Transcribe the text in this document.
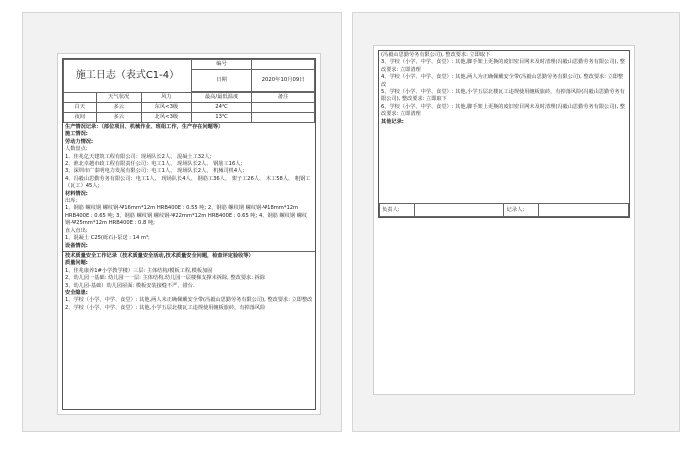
施工日志（表式C1-4）			编号	
			日期	2020年10月09日

	天气状况	风力	最高/最低温度	备注
白天	多云	东风<3级	24℃	
夜间	多云	北风<3级	13℃	
生产情况记录：（部位项目、机械作业、班组工作，生产存在问题等）
施工情况:
劳动力情况:
人数盘点:
1、佳兆亿天建筑工程有限公司：现场队长2人、 混凝土工32人;
2、淮北卓越市政工程有限责任公司：电工1人、 现场队长2人、 钢筋工16人;
3、深圳市广泰明电力发展有限公司：电工1人、 现场队长2人、 机械司机4人;
4、冯毅山思勤劳务有限公司：电工1人、 现场队长4人、 钢筋工36人、 架子工26人、 木工58人、 粗钢工（瓦工）45人;
材料情况:
出库:
1、钢筋 螺纹钢 螺纹钢-Ψ16mm*12m HRB400E : 0.55 吨; 2、钢筋 螺纹钢 螺纹钢-Ψ18mm*12m HRB400E : 0.65 吨; 3、钢筋 螺纹钢 螺纹钢-Ψ22mm*12m HRB400E : 0.65 吨; 4、钢筋 螺纹钢 螺纹钢-Ψ25mm*12m HRB400E : 0.8 吨;
直入直出:
1、混凝土 C25(砾石)-泵送 : 14 m³;
设备情况:
技术质量安全工作记录（技术质量安全活动,技术质量安全问题，检查评定验收等）
质量问题:
1、佳兆康养1#小学教学楼）三层: 主体结构/模板工程,模板加固
2、幼儿园一基础: 幼儿园一一层: 主体结构,幼儿园一层楼梯支撑未拆除, 整改要求: 拆除
3、幼儿园-基础）幼儿园屋面: 模板安装接缝不严、错台.
安全隐患:
1、学校（小学、中学、食堂）: 其他,两人未正确佩戴安全带(冯毅山思勤劳务有限公司), 整改要求: 立即整改
2、学校（小学、中学、食堂）: 其他,小学五层北楼瓦工违规使用缠板旅砖，有掉落风险
(冯毅山思勤劳务有限公司), 整改要求: 立即取下
3、学校（小学、中学、食堂）: 其他,脚手架上更换的废旧密目网未及时清理(冯毅山思勤劳务有限公司), 整改要求: 立即清理
4、学校（小学、中学、食堂）: 其他,两人为正确佩戴安全带(冯毅山思勤劳务有限公司), 整改要求: 立即整改
5、学校（小学、中学、食堂）: 其他,小学五层北楼瓦工违规使用缠板旅砖，有掉落风险(冯毅山思勤劳务有限公司), 整改要求: 立即取下
6、学校（小学、中学、食堂）: 其他,脚手架上更换的废旧密目网未及时清理(冯毅山思勤劳务有限公司), 整改要求: 立即清理
其他记录:
负责人:		记录人:	
